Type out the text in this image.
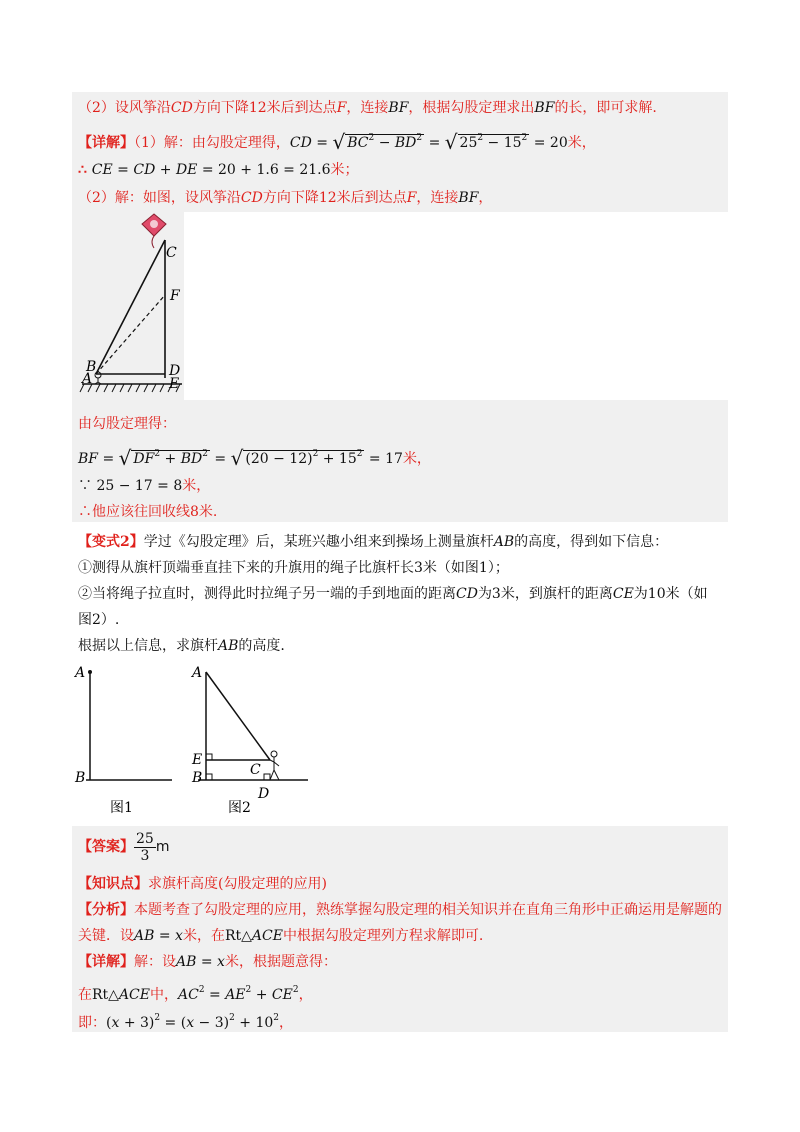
（2）设风筝沿CD方向下降12米后到达点F，连接BF，根据勾股定理求出BF的长，即可求解.
【详解】（1）解：由勾股定理得，CD = √ $BC^2 - BD^2$ = √ $25^2 - 15^2 = 20$米，
∴ CE = CD + DE = 20 + 1.6 = 21.6米；
（2）解：如图，设风筝沿CD方向下降12米后到达点F，连接BF，
C
F
B	D
A	E
由勾股定理得：
BF = √ $DF^2 + BD^2$ = √ $(20 - 12)^2 + 15^2 = 17$米，
∵ 25 − 17 = 8米，
∴他应该往回收线8米.
【变式2】学过《勾股定理》后，某班兴趣小组来到操场上测量旗杆AB的高度，得到如下信息：
①测得从旗杆顶端垂直挂下来的升旗用的绳子比旗杆长3米（如图1）；
②当将绳子拉直时，测得此时拉绳子另一端的手到地面的距离CD为3米，到旗杆的距离CE为10米（如
图2）.
根据以上信息，求旗杆AB的高度.
A
B
图1
A
E
B	C
D
图2
【答案】 $\frac{25}{3}$ m
【知识点】求旗杆高度(勾股定理的应用)
【分析】本题考查了勾股定理的应用，熟练掌握勾股定理的相关知识并在直角三角形中正确运用是解题的
关键．设AB = x米，在Rt△ACE中根据勾股定理列方程求解即可.
【详解】解：设AB = x米，根据题意得：
在Rt△ACE中，$AC^2 = AE^2 + CE^2$，
即：$(x + 3)^2 = (x - 3)^2 + 10^2$，
